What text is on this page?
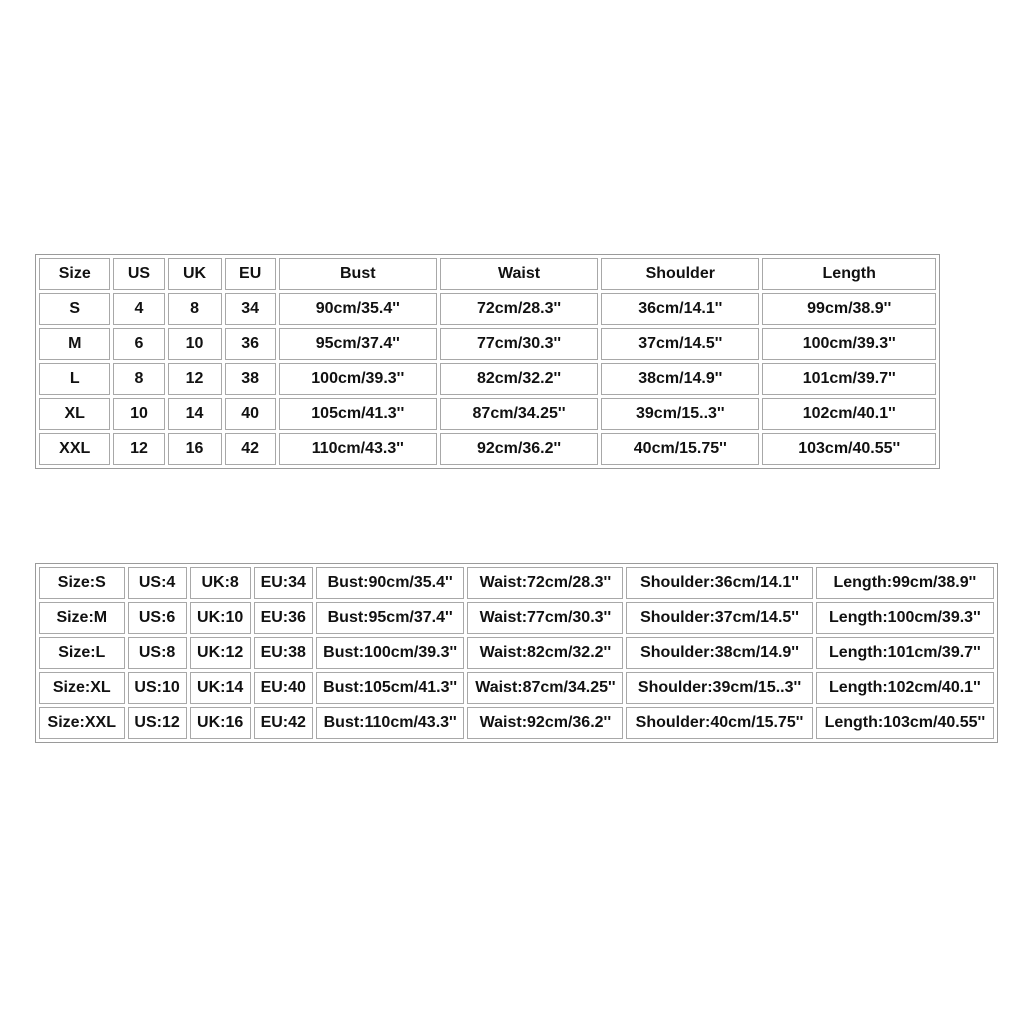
Size	US	UK	EU	Bust	Waist	Shoulder	Length
S	4	8	34	90cm/35.4''	72cm/28.3''	36cm/14.1''	99cm/38.9''
M	6	10	36	95cm/37.4''	77cm/30.3''	37cm/14.5''	100cm/39.3''
L	8	12	38	100cm/39.3''	82cm/32.2''	38cm/14.9''	101cm/39.7''
XL	10	14	40	105cm/41.3''	87cm/34.25''	39cm/15..3''	102cm/40.1''
XXL	12	16	42	110cm/43.3''	92cm/36.2''	40cm/15.75''	103cm/40.55''
Size:S	US:4	UK:8	EU:34	Bust:90cm/35.4''	Waist:72cm/28.3''	Shoulder:36cm/14.1''	Length:99cm/38.9''
Size:M	US:6	UK:10	EU:36	Bust:95cm/37.4''	Waist:77cm/30.3''	Shoulder:37cm/14.5''	Length:100cm/39.3''
Size:L	US:8	UK:12	EU:38	Bust:100cm/39.3''	Waist:82cm/32.2''	Shoulder:38cm/14.9''	Length:101cm/39.7''
Size:XL	US:10	UK:14	EU:40	Bust:105cm/41.3''	Waist:87cm/34.25''	Shoulder:39cm/15..3''	Length:102cm/40.1''
Size:XXL	US:12	UK:16	EU:42	Bust:110cm/43.3''	Waist:92cm/36.2''	Shoulder:40cm/15.75''	Length:103cm/40.55''
